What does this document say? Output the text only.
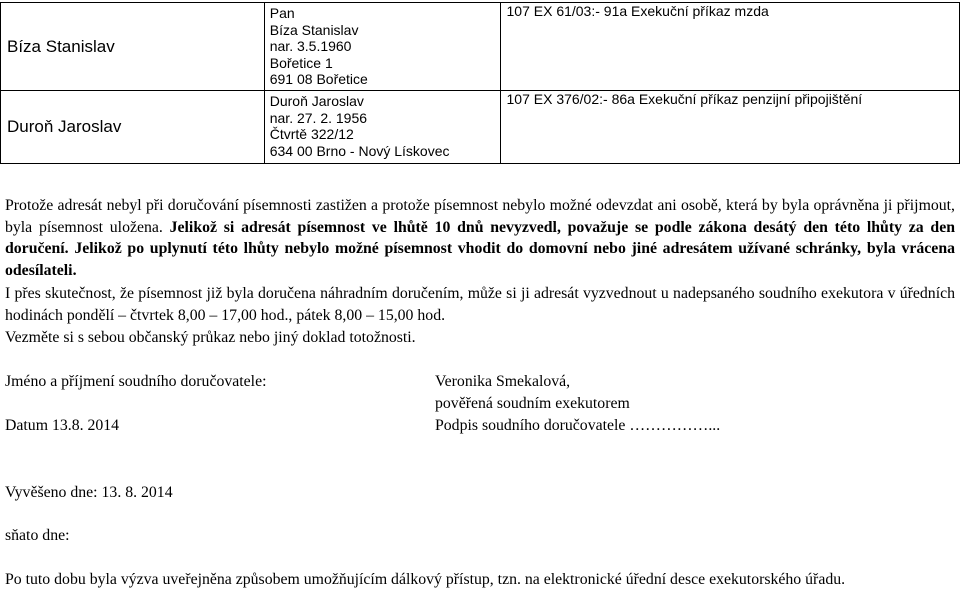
Bíza Stanislav	Pan
Bíza Stanislav
nar. 3.5.1960
Bořetice 1
691 08 Bořetice	107 EX 61/03:- 91a Exekuční příkaz mzda
Duroň Jaroslav	Duroň Jaroslav
nar. 27. 2. 1956
Čtvrtě 322/12
634 00 Brno - Nový Lískovec	107 EX 376/02:- 86a Exekuční příkaz penzijní připojištění
Protože adresát nebyl při doručování písemnosti zastižen a protože písemnost nebylo možné odevzdat ani osobě, která by byla oprávněna ji přijmout, byla písemnost uložena. Jelikož si adresát písemnost ve lhůtě 10 dnů nevyzvedl, považuje se podle zákona desátý den této lhůty za den doručení. Jelikož po uplynutí této lhůty nebylo možné písemnost vhodit do domovní nebo jiné adresátem užívané schránky, byla vrácena odesílateli.
I přes skutečnost, že písemnost již byla doručena náhradním doručením, může si ji adresát vyzvednout u nadepsaného soudního exekutora v úředních hodinách pondělí – čtvrtek 8,00 – 17,00 hod., pátek 8,00 – 15,00 hod.
Vezměte si s sebou občanský průkaz nebo jiný doklad totožnosti.
Jméno a příjmení soudního doručovatele:	Veronika Smekalová,
pověřená soudním exekutorem
Datum 13.8. 2014	Podpis soudního doručovatele ……………...
Vyvěšeno dne: 13. 8. 2014
sňato dne:
Po tuto dobu byla výzva uveřejněna způsobem umožňujícím dálkový přístup, tzn. na elektronické úřední desce exekutorského úřadu.
